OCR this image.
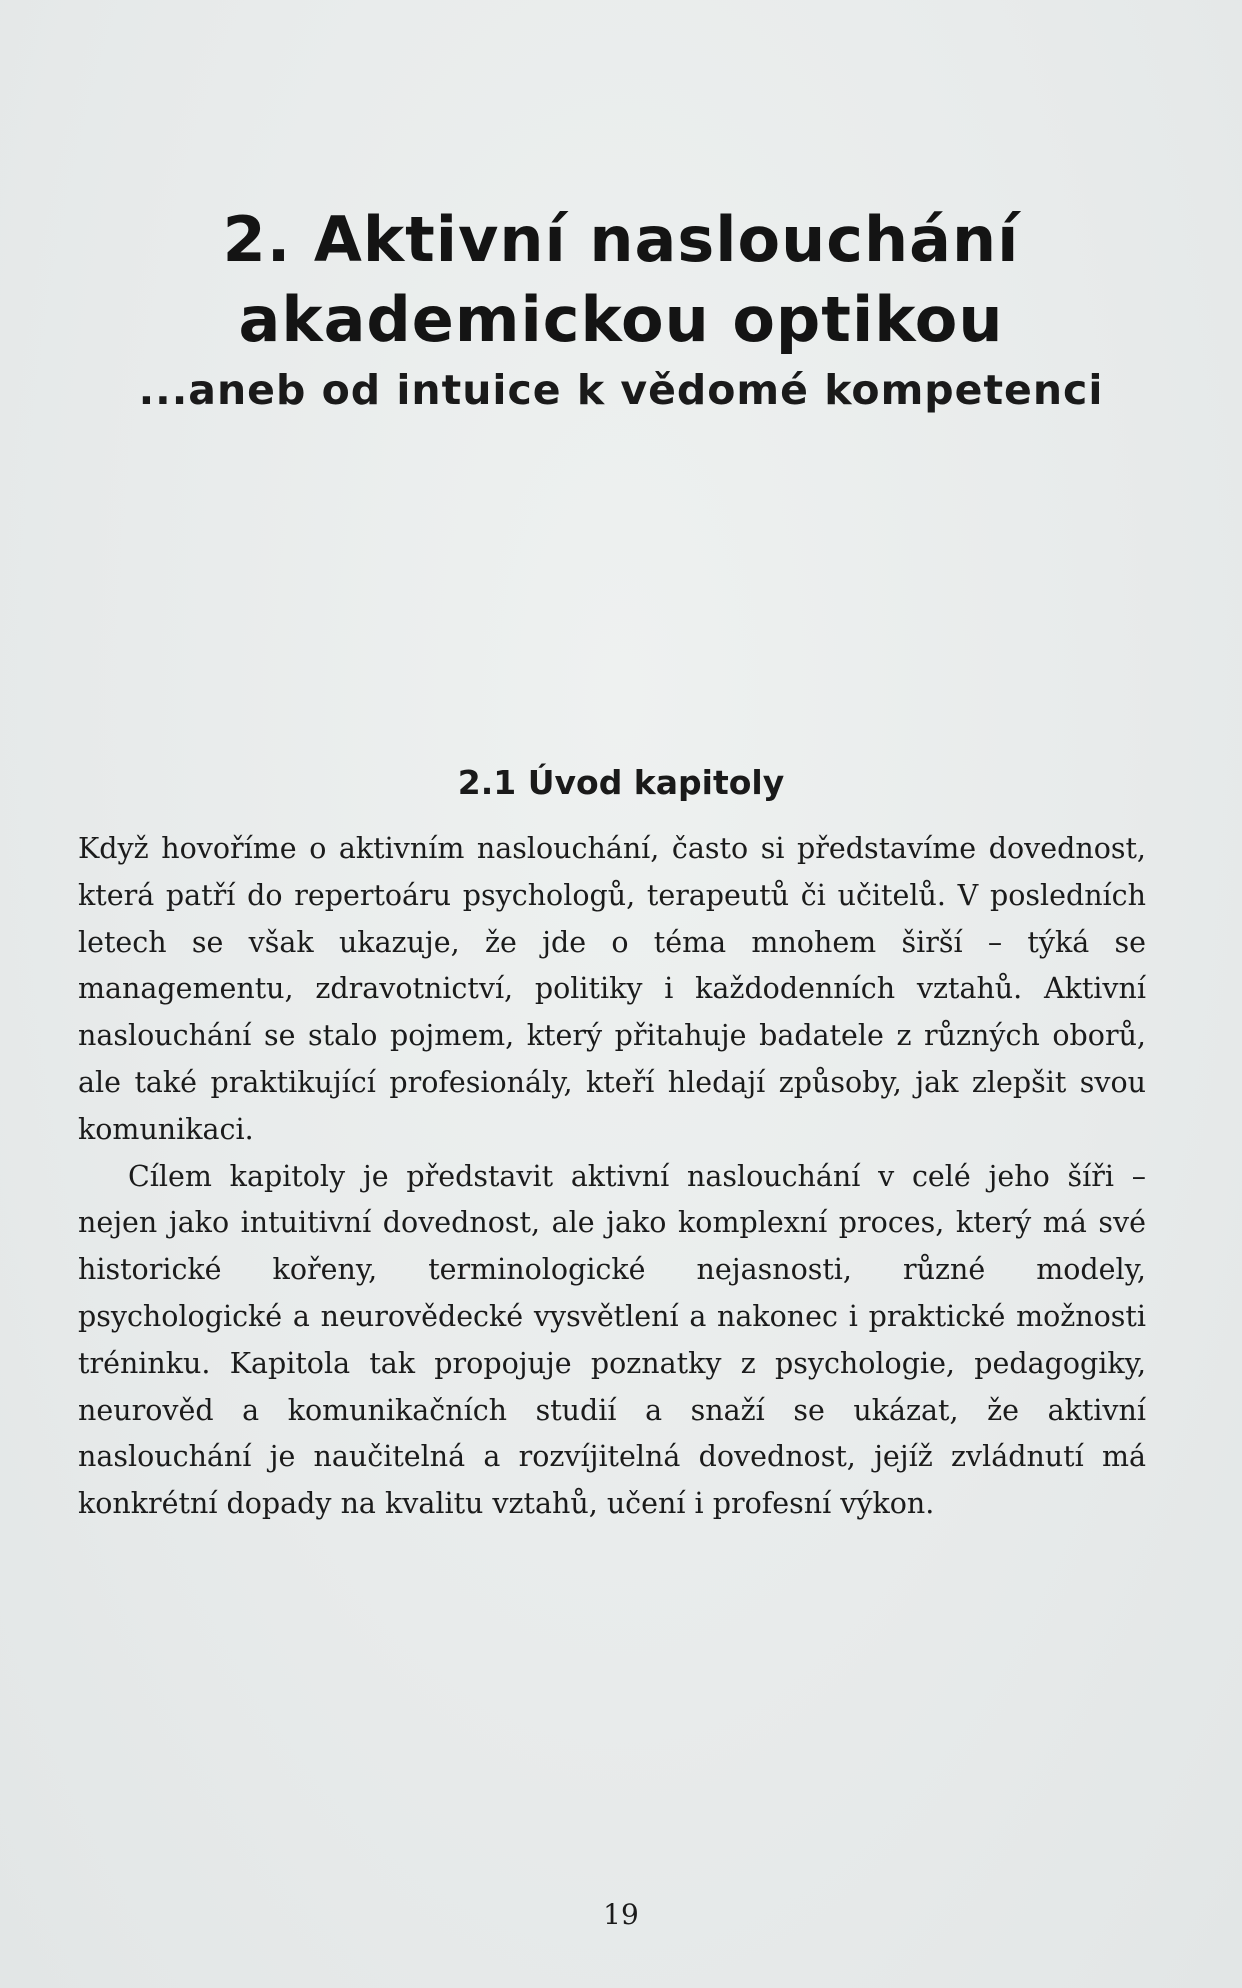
2. Aktivní naslouchání
akademickou optikou
...aneb od intuice k vědomé kompetenci
2.1 Úvod kapitoly

Když hovoříme o aktivním naslouchání, často si představíme dovednost, která patří do repertoáru psychologů, terapeutů či učitelů. V posledních letech se však ukazuje, že jde o téma mnohem širší – týká se managementu, zdravotnictví, politiky i každodenních vztahů. Aktivní naslouchání se stalo pojmem, který přitahuje badatele z různých oborů, ale také praktikující profesionály, kteří hledají způsoby, jak zlepšit svou komunikaci.

Cílem kapitoly je představit aktivní naslouchání v celé jeho šíři – nejen jako intuitivní dovednost, ale jako komplexní proces, který má své historické kořeny, terminologické nejasnosti, různé modely, psychologické a neurovědecké vysvětlení a nakonec i praktické možnosti tréninku. Kapitola tak propojuje poznatky z psychologie, pedagogiky, neurověd a komunikačních studií a snaží se ukázat, že aktivní naslouchání je naučitelná a rozvíjitelná dovednost, jejíž zvládnutí má konkrétní dopady na kvalitu vztahů, učení i profesní výkon.

19
